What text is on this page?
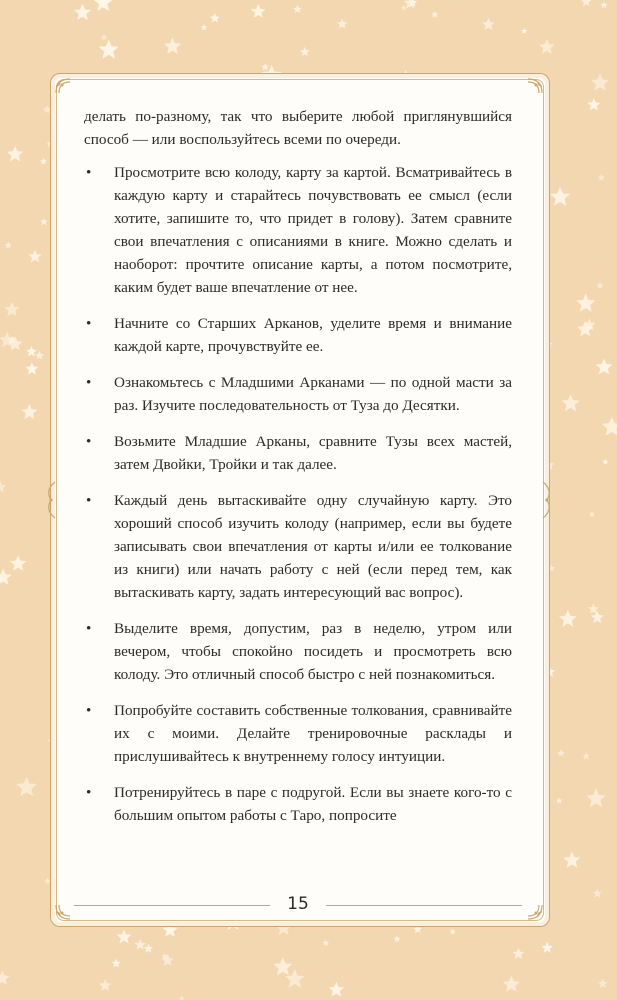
делать по-разному, так что выберите любой приглянувшийся способ — или воспользуйтесь всеми по очереди.

• Просмотрите всю колоду, карту за картой. Всматривайтесь в каждую карту и старайтесь почувствовать ее смысл (если хотите, запишите то, что придет в голову). Затем сравните свои впечатления с описаниями в книге. Можно сделать и наоборот: прочтите описание карты, а потом посмотрите, каким будет ваше впечатление от нее.
• Начните со Старших Арканов, уделите время и внимание каждой карте, прочувствуйте ее.
• Ознакомьтесь с Младшими Арканами — по одной масти за раз. Изучите последовательность от Туза до Десятки.
• Возьмите Младшие Арканы, сравните Тузы всех мастей, затем Двойки, Тройки и так далее.
• Каждый день вытаскивайте одну случайную карту. Это хороший способ изучить колоду (например, если вы будете записывать свои впечатления от карты и/или ее толкование из книги) или начать работу с ней (если перед тем, как вытаскивать карту, задать интересующий вас вопрос).
• Выделите время, допустим, раз в неделю, утром или вечером, чтобы спокойно посидеть и просмотреть всю колоду. Это отличный способ быстро с ней познакомиться.
• Попробуйте составить собственные толкования, сравнивайте их с моими. Делайте тренировочные расклады и прислушивайтесь к внутреннему голосу интуиции.
• Потренируйтесь в паре с подругой. Если вы знаете кого-то с большим опытом работы с Таро, попросите
15
